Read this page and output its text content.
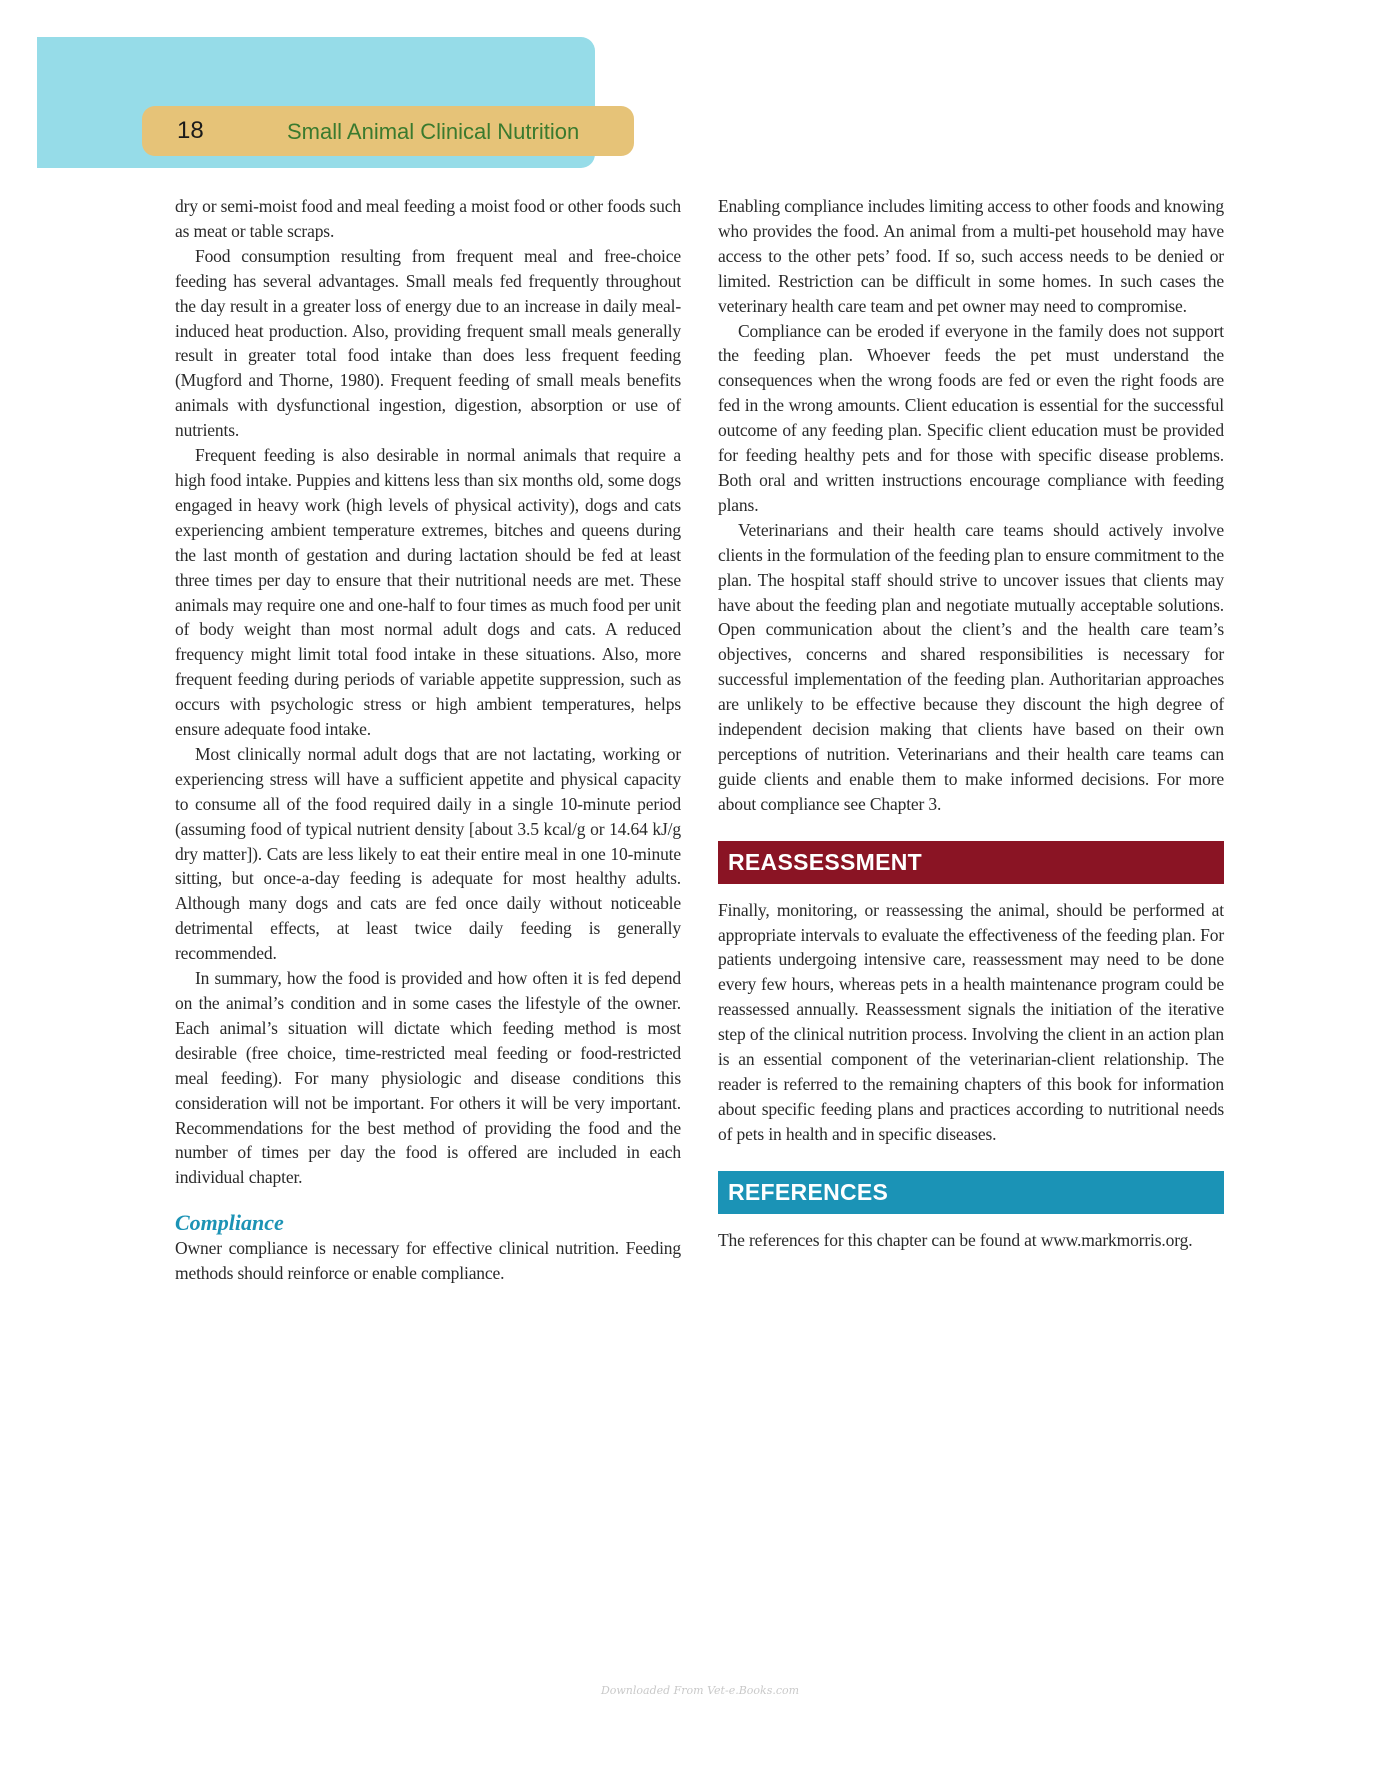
18	Small Animal Clinical Nutrition

dry or semi-moist food and meal feeding a moist food or other foods such as meat or table scraps.

Food consumption resulting from frequent meal and free-choice feeding has several advantages. Small meals fed frequently throughout the day result in a greater loss of energy due to an increase in daily meal-induced heat production. Also, providing frequent small meals generally result in greater total food intake than does less frequent feeding (Mugford and Thorne, 1980). Frequent feeding of small meals benefits animals with dysfunctional ingestion, digestion, absorption or use of nutrients.

Frequent feeding is also desirable in normal animals that require a high food intake. Puppies and kittens less than six months old, some dogs engaged in heavy work (high levels of physical activity), dogs and cats experiencing ambient temperature extremes, bitches and queens during the last month of gestation and during lactation should be fed at least three times per day to ensure that their nutritional needs are met. These animals may require one and one-half to four times as much food per unit of body weight than most normal adult dogs and cats. A reduced frequency might limit total food intake in these situations. Also, more frequent feeding during periods of variable appetite suppression, such as occurs with psychologic stress or high ambient temperatures, helps ensure adequate food intake.

Most clinically normal adult dogs that are not lactating, working or experiencing stress will have a sufficient appetite and physical capacity to consume all of the food required daily in a single 10-minute period (assuming food of typical nutrient density [about 3.5 kcal/g or 14.64 kJ/g dry matter]). Cats are less likely to eat their entire meal in one 10-minute sitting, but once-a-day feeding is adequate for most healthy adults. Although many dogs and cats are fed once daily without noticeable detrimental effects, at least twice daily feeding is generally recommended.

In summary, how the food is provided and how often it is fed depend on the animal’s condition and in some cases the lifestyle of the owner. Each animal’s situation will dictate which feeding method is most desirable (free choice, time-restricted meal feeding or food-restricted meal feeding). For many physiologic and disease conditions this consideration will not be important. For others it will be very important. Recommendations for the best method of providing the food and the number of times per day the food is offered are included in each individual chapter.

Compliance

Owner compliance is necessary for effective clinical nutrition. Feeding methods should reinforce or enable compliance.

Enabling compliance includes limiting access to other foods and knowing who provides the food. An animal from a multi-pet household may have access to the other pets’ food. If so, such access needs to be denied or limited. Restriction can be difficult in some homes. In such cases the veterinary health care team and pet owner may need to compromise.

Compliance can be eroded if everyone in the family does not support the feeding plan. Whoever feeds the pet must understand the consequences when the wrong foods are fed or even the right foods are fed in the wrong amounts. Client education is essential for the successful outcome of any feeding plan. Specific client education must be provided for feeding healthy pets and for those with specific disease problems. Both oral and written instructions encourage compliance with feeding plans.

Veterinarians and their health care teams should actively involve clients in the formulation of the feeding plan to ensure commitment to the plan. The hospital staff should strive to uncover issues that clients may have about the feeding plan and negotiate mutually acceptable solutions. Open communication about the client’s and the health care team’s objectives, concerns and shared responsibilities is necessary for successful implementation of the feeding plan. Authoritarian approaches are unlikely to be effective because they discount the high degree of independent decision making that clients have based on their own perceptions of nutrition. Veterinarians and their health care teams can guide clients and enable them to make informed decisions. For more about compliance see Chapter 3.

REASSESSMENT

Finally, monitoring, or reassessing the animal, should be performed at appropriate intervals to evaluate the effectiveness of the feeding plan. For patients undergoing intensive care, reassessment may need to be done every few hours, whereas pets in a health maintenance program could be reassessed annually. Reassessment signals the initiation of the iterative step of the clinical nutrition process. Involving the client in an action plan is an essential component of the veterinarian-client relationship. The reader is referred to the remaining chapters of this book for information about specific feeding plans and practices according to nutritional needs of pets in health and in specific diseases.

REFERENCES

The references for this chapter can be found at www.markmorris.org.

Downloaded From Vet-e.Books.com
